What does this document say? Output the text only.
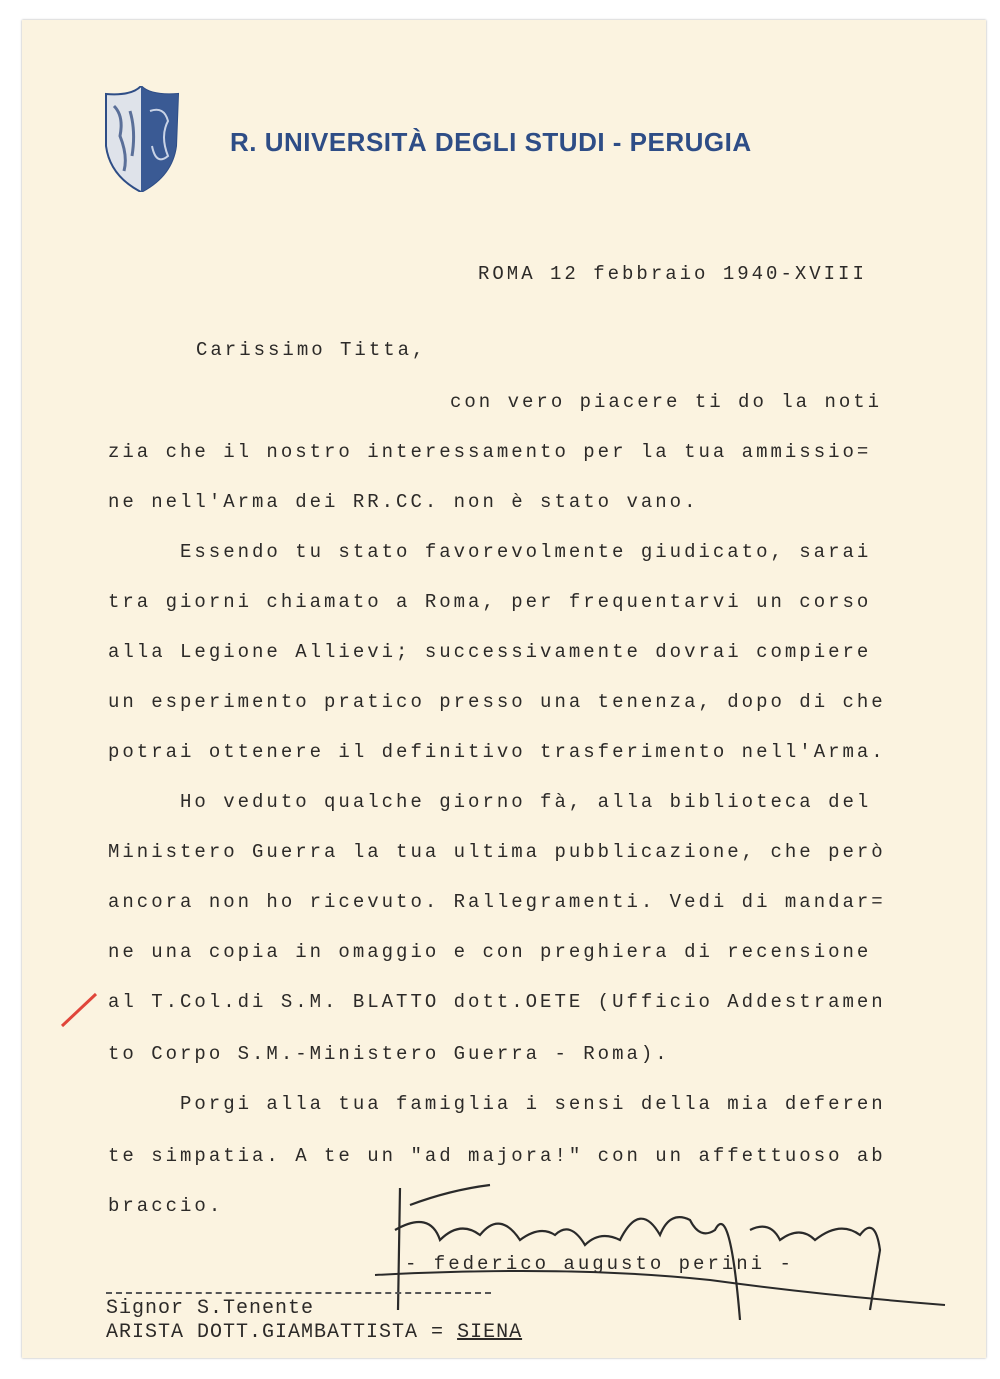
R. UNIVERSITÀ DEGLI STUDI - PERUGIA
ROMA 12 febbraio 1940-XVIII
Carissimo Titta,
con vero piacere ti do la noti
zia che il nostro interessamento per la tua ammissio=
ne nell'Arma dei RR.CC. non è stato vano.
Essendo tu stato favorevolmente giudicato, sarai
tra giorni chiamato a Roma, per frequentarvi un corso
alla Legione Allievi; successivamente dovrai compiere
un esperimento pratico presso una tenenza, dopo di che
potrai ottenere il definitivo trasferimento nell'Arma.
Ho veduto qualche giorno fà, alla biblioteca del
Ministero Guerra la tua ultima pubblicazione, che però
ancora non ho ricevuto. Rallegramenti. Vedi di mandar=
ne una copia in omaggio e con preghiera di recensione
al T.Col.di S.M. BLATTO dott.OETE (Ufficio Addestramen
to Corpo S.M.-Ministero Guerra - Roma).
Porgi alla tua famiglia i sensi della mia deferen
te simpatia. A te un "ad majora!" con un affettuoso ab
braccio.
- federico augusto perini -
Signor S.Tenente
ARISTA DOTT.GIAMBATTISTA = SIENA
